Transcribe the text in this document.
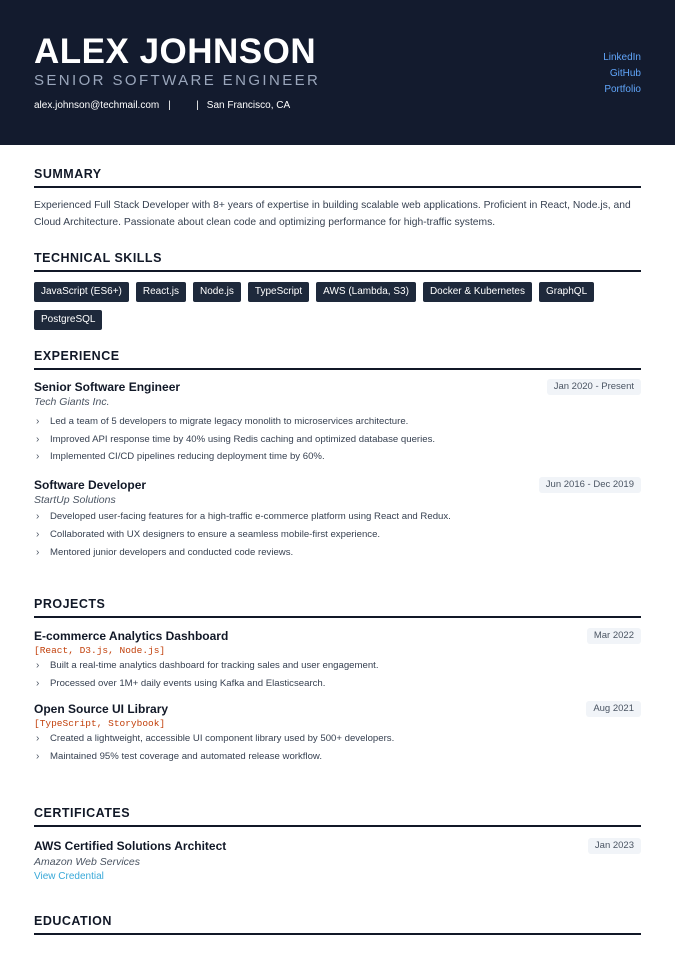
ALEX JOHNSON
SENIOR SOFTWARE ENGINEER
alex.johnson@techmail.com |	| San Francisco, CA
LinkedIn
GitHub
Portfolio
SUMMARY

Experienced Full Stack Developer with 8+ years of expertise in building scalable web applications. Proficient in React, Node.js, and Cloud Architecture. Passionate about clean code and optimizing performance for high-traffic systems.

TECHNICAL SKILLS
JavaScript (ES6+)	React.js	Node.js	TypeScript	AWS (Lambda, S3)	Docker & Kubernetes	GraphQL
PostgreSQL
EXPERIENCE
Senior Software Engineer	Jan 2020 - Present
Tech Giants Inc.
› Led a team of 5 developers to migrate legacy monolith to microservices architecture.
› Improved API response time by 40% using Redis caching and optimized database queries.
› Implemented CI/CD pipelines reducing deployment time by 60%.
Software Developer	Jun 2016 - Dec 2019
StartUp Solutions
› Developed user-facing features for a high-traffic e-commerce platform using React and Redux.
› Collaborated with UX designers to ensure a seamless mobile-first experience.
› Mentored junior developers and conducted code reviews.
PROJECTS
E-commerce Analytics Dashboard	Mar 2022
[React, D3.js, Node.js]
› Built a real-time analytics dashboard for tracking sales and user engagement.
› Processed over 1M+ daily events using Kafka and Elasticsearch.
Open Source UI Library	Aug 2021
[TypeScript, Storybook]
› Created a lightweight, accessible UI component library used by 500+ developers.
› Maintained 95% test coverage and automated release workflow.
CERTIFICATES
AWS Certified Solutions Architect	Jan 2023
Amazon Web Services
View Credential
EDUCATION
